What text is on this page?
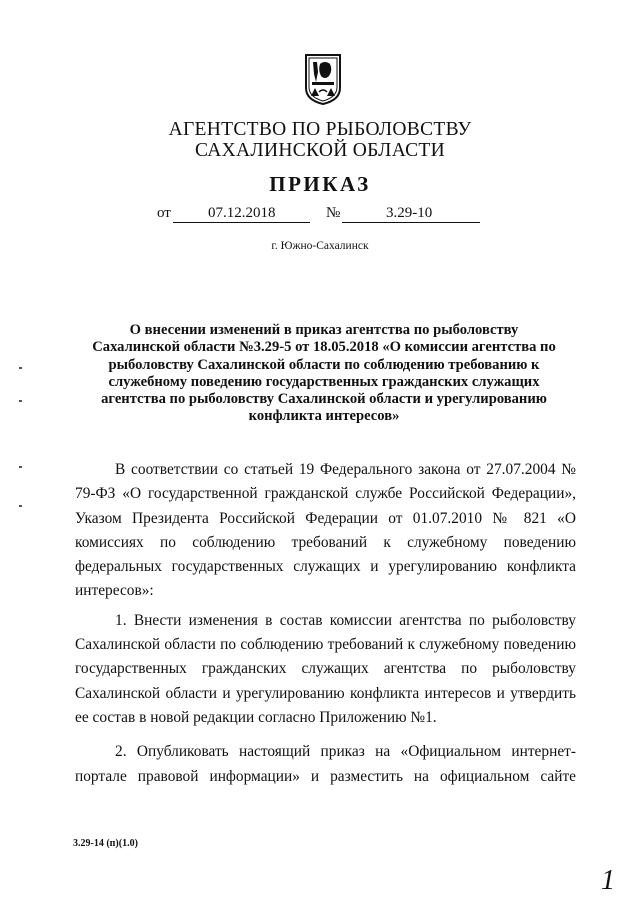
АГЕНТСТВО ПО РЫБОЛОВСТВУ
САХАЛИНСКОЙ ОБЛАСТИ
ПРИКАЗ
от 07.12.2018	№	3.29-10
г. Южно-Сахалинск
О внесении изменений в приказ агентства по рыболовству
Сахалинской области №3.29-5 от 18.05.2018 «О комиссии агентства по
рыболовству Сахалинской области по соблюдению требованию к
служебному поведению государственных гражданских служащих
агентства по рыболовству Сахалинской области и урегулированию
конфликта интересов»

В соответствии со статьей 19 Федерального закона от 27.07.2004 № 79-ФЗ «О государственной гражданской службе Российской Федерации», Указом Президента Российской Федерации от 01.07.2010 № 821 «О комиссиях по соблюдению требований к служебному поведению федеральных государственных служащих и урегулированию конфликта интересов»:

1. Внести изменения в состав комиссии агентства по рыболовству Сахалинской области по соблюдению требований к служебному поведению государственных гражданских служащих агентства по рыболовству Сахалинской области и урегулированию конфликта интересов и утвердить ее состав в новой редакции согласно Приложению №1.

2. Опубликовать настоящий приказ на «Официальном интернет-портале правовой информации» и разместить на официальном сайте

3.29-14 (п)(1.0)
1
